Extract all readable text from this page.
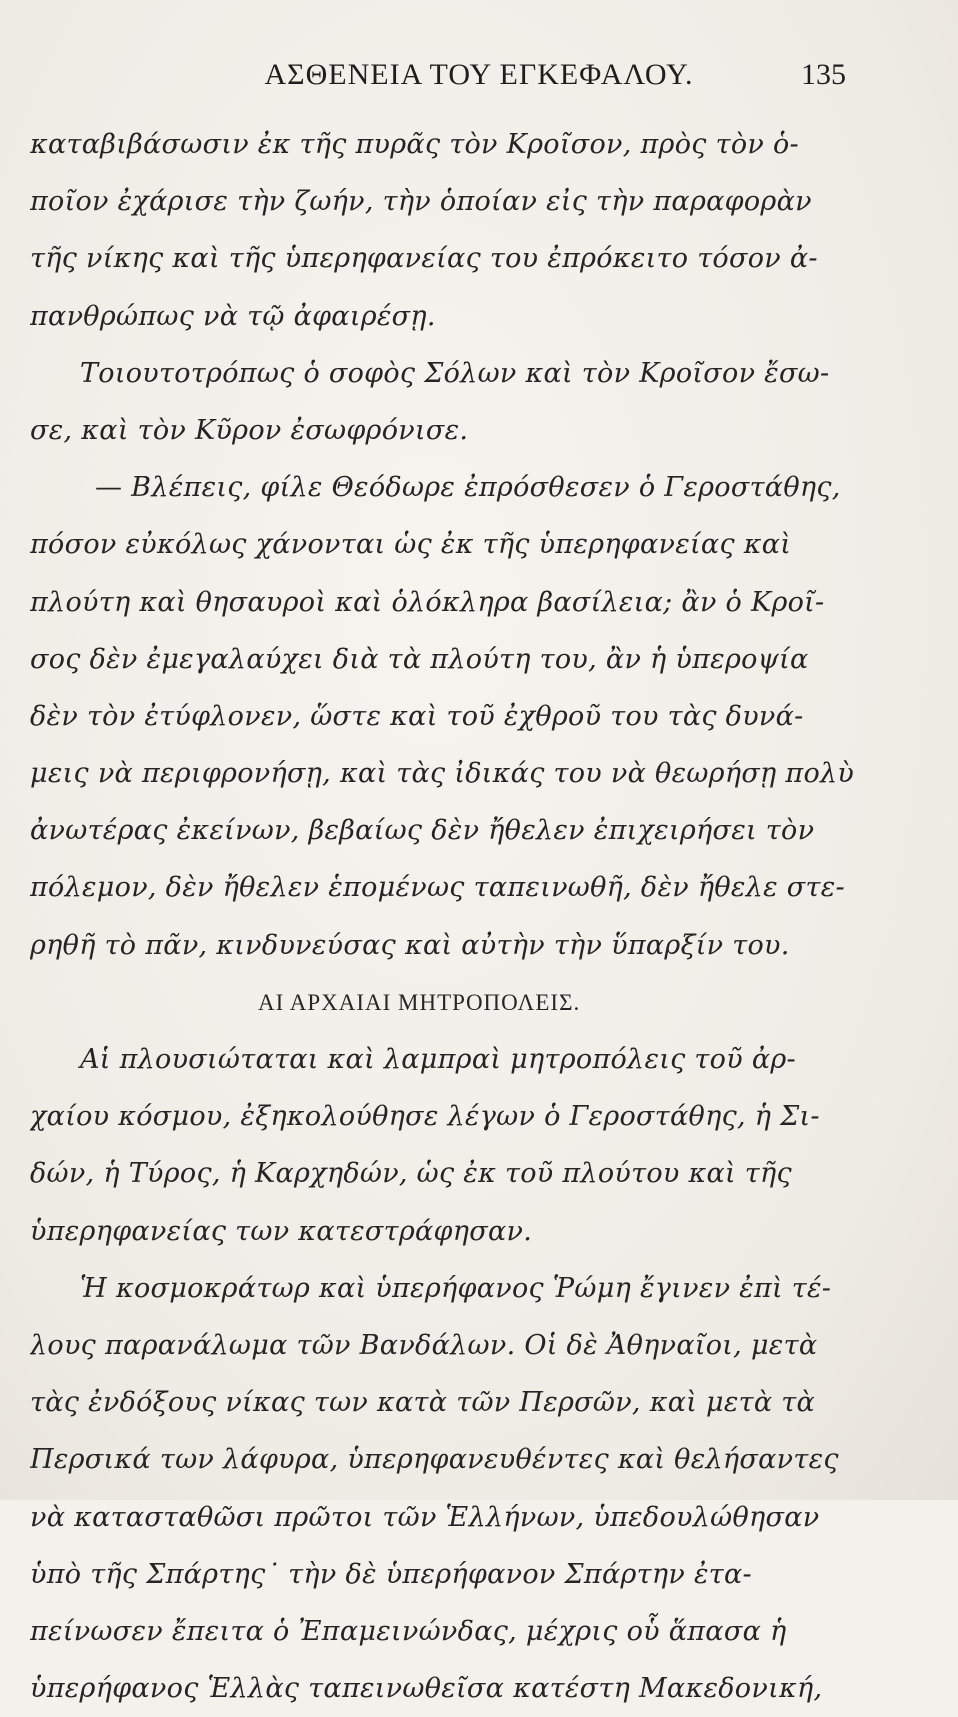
ΑΣΘΕΝΕΙΑ ΤΟΥ ΕΓΚΕΦΑΛΟΥ.	135
καταβιβάσωσιν ἐκ τῆς πυρᾶς τὸν Κροῖσον, πρὸς τὸν ὁ-
ποῖον ἐχάρισε τὴν ζωήν, τὴν ὁποίαν εἰς τὴν παραφορὰν
τῆς νίκης καὶ τῆς ὑπερηφανείας του ἐπρόκειτο τόσον ἀ-
πανθρώπως νὰ τῷ ἀφαιρέσῃ.
Τοιουτοτρόπως ὁ σοφὸς Σόλων καὶ τὸν Κροῖσον ἔσω-
σε, καὶ τὸν Κῦρον ἐσωφρόνισε.
— Βλέπεις, φίλε Θεόδωρε ἐπρόσθεσεν ὁ Γεροστάθης,
πόσον εὐκόλως χάνονται ὡς ἐκ τῆς ὑπερηφανείας καὶ
πλούτη καὶ θησαυροὶ καὶ ὁλόκληρα βασίλεια; ἂν ὁ Κροῖ-
σος δὲν ἐμεγαλαύχει διὰ τὰ πλούτη του, ἂν ἡ ὑπεροψία
δὲν τὸν ἐτύφλονεν, ὥστε καὶ τοῦ ἐχθροῦ του τὰς δυνά-
μεις νὰ περιφρονήσῃ, καὶ τὰς ἰδικάς του νὰ θεωρήσῃ πολὺ
ἀνωτέρας ἐκείνων, βεβαίως δὲν ἤθελεν ἐπιχειρήσει τὸν
πόλεμον, δὲν ἤθελεν ἑπομένως ταπεινωθῆ, δὲν ἤθελε στε-
ρηθῆ τὸ πᾶν, κινδυνεύσας καὶ αὐτὴν τὴν ὕπαρξίν του.
ΑΙ ΑΡΧΑΙΑΙ ΜΗΤΡΟΠΟΛΕΙΣ.
Αἱ πλουσιώταται καὶ λαμπραὶ μητροπόλεις τοῦ ἀρ-
χαίου κόσμου, ἐξηκολούθησε λέγων ὁ Γεροστάθης, ἡ Σι-
δών, ἡ Τύρος, ἡ Καρχηδών, ὡς ἐκ τοῦ πλούτου καὶ τῆς
ὑπερηφανείας των κατεστράφησαν.
Ἡ κοσμοκράτωρ καὶ ὑπερήφανος Ῥώμη ἔγινεν ἐπὶ τέ-
λους παρανάλωμα τῶν Βανδάλων. Οἱ δὲ Ἀθηναῖοι, μετὰ
τὰς ἐνδόξους νίκας των κατὰ τῶν Περσῶν, καὶ μετὰ τὰ
Περσικά των λάφυρα, ὑπερηφανευθέντες καὶ θελήσαντες
νὰ κατασταθῶσι πρῶτοι τῶν Ἑλλήνων, ὑπεδουλώθησαν
ὑπὸ τῆς Σπάρτης˙ τὴν δὲ ὑπερήφανον Σπάρτην ἐτα-
πείνωσεν ἔπειτα ὁ Ἐπαμεινώνδας, μέχρις οὗ ἅπασα ἡ
ὑπερήφανος Ἑλλὰς ταπεινωθεῖσα κατέστη Μακεδονική,
